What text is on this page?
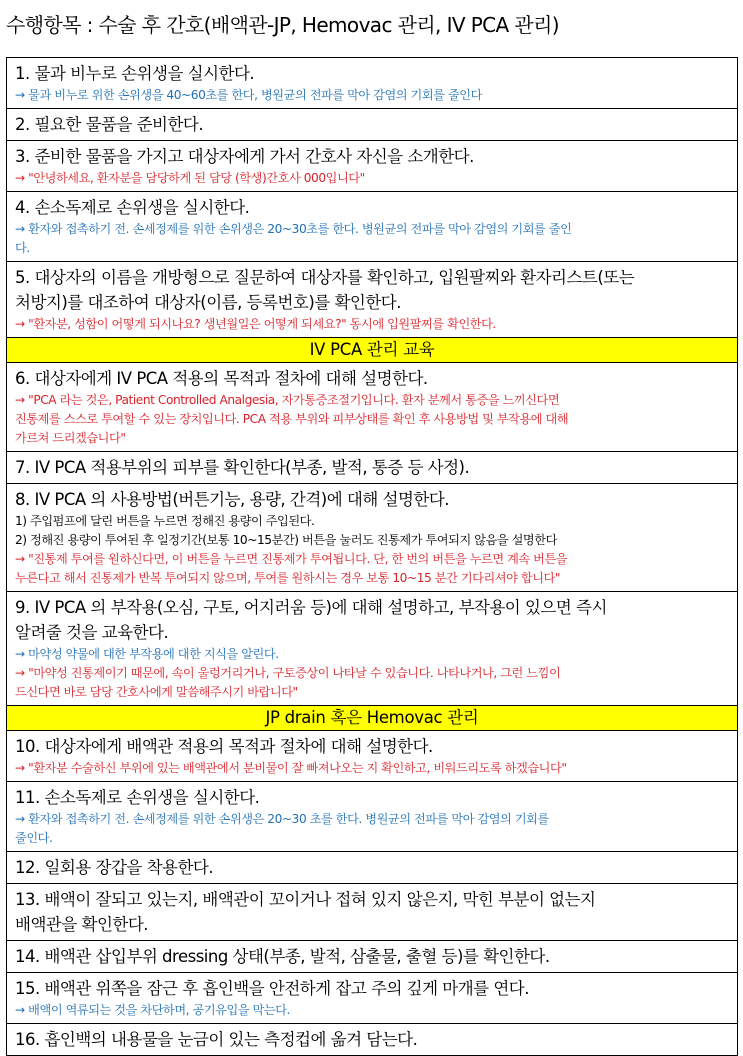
수행항목 : 수술 후 간호(배액관-JP, Hemovac 관리, IV PCA 관리)
1. 물과 비누로 손위생을 실시한다.
→ 물과 비누로 위한 손위생을 40~60초를 한다, 병원균의 전파를 막아 감염의 기회를 줄인다
2. 필요한 물품을 준비한다.
3. 준비한 물품을 가지고 대상자에게 가서 간호사 자신을 소개한다.
→ "안녕하세요, 환자분을 담당하게 된 담당 (학생)간호사 000입니다"
4. 손소독제로 손위생을 실시한다.
→ 환자와 접촉하기 전. 손세정제를 위한 손위생은 20~30초를 한다. 병원균의 전파를 막아 감염의 기회를 줄인
다.
5. 대상자의 이름을 개방형으로 질문하여 대상자를 확인하고, 입원팔찌와 환자리스트(또는
처방지)를 대조하여 대상자(이름, 등록번호)를 확인한다.
→ "환자분, 성함이 어떻게 되시나요? 생년월일은 어떻게 되세요?" 동시에 입원팔찌를 확인한다.
IV PCA 관리 교육
6. 대상자에게 IV PCA 적용의 목적과 절차에 대해 설명한다.
→ "PCA 라는 것은, Patient Controlled Analgesia, 자가통증조절기입니다. 환자 분께서 통증을 느끼신다면
진통제를 스스로 투여할 수 있는 장치입니다. PCA 적용 부위와 피부상태를 확인 후 사용방법 및 부작용에 대해
가르쳐 드리겠습니다"
7. IV PCA 적용부위의 피부를 확인한다(부종, 발적, 통증 등 사정).
8. IV PCA 의 사용방법(버튼기능, 용량, 간격)에 대해 설명한다.
1) 주입펌프에 달린 버튼을 누르면 정해진 용량이 주입된다.
2) 정해진 용량이 투여된 후 일정기간(보통 10~15분간) 버튼을 눌러도 진통제가 투여되지 않음을 설명한다
→ "진통제 투여를 원하신다면, 이 버튼을 누르면 진통제가 투여됩니다. 단, 한 번의 버튼을 누르면 계속 버튼을
누른다고 해서 진통제가 반복 투여되지 않으며, 투여를 원하시는 경우 보통 10~15 분간 기다리셔야 합니다"
9. IV PCA 의 부작용(오심, 구토, 어지러움 등)에 대해 설명하고, 부작용이 있으면 즉시
알려줄 것을 교육한다.
→ 마약성 약물에 대한 부작용에 대한 지식을 알린다.
→ "마약성 진통제이기 때문에, 속이 울렁거리거나, 구토증상이 나타날 수 있습니다. 나타나거나, 그런 느낌이
드신다면 바로 담당 간호사에게 말씀해주시기 바랍니다"
JP drain 혹은 Hemovac 관리
10. 대상자에게 배액관 적용의 목적과 절차에 대해 설명한다.
→ "환자분 수술하신 부위에 있는 배액관에서 분비물이 잘 빠져나오는 지 확인하고, 비워드리도록 하겠습니다"
11. 손소독제로 손위생을 실시한다.
→ 환자와 접촉하기 전. 손세정제를 위한 손위생은 20~30 초를 한다. 병원균의 전파를 막아 감염의 기회를
줄인다.
12. 일회용 장갑을 착용한다.
13. 배액이 잘되고 있는지, 배액관이 꼬이거나 접혀 있지 않은지, 막힌 부분이 없는지
배액관을 확인한다.
14. 배액관 삽입부위 dressing 상태(부종, 발적, 삼출물, 출혈 등)를 확인한다.
15. 배액관 위쪽을 잠근 후 흡인백을 안전하게 잡고 주의 깊게 마개를 연다.
→ 배액이 역류되는 것을 차단하며, 공기유입을 막는다.
16. 흡인백의 내용물을 눈금이 있는 측정컵에 옮겨 담는다.
